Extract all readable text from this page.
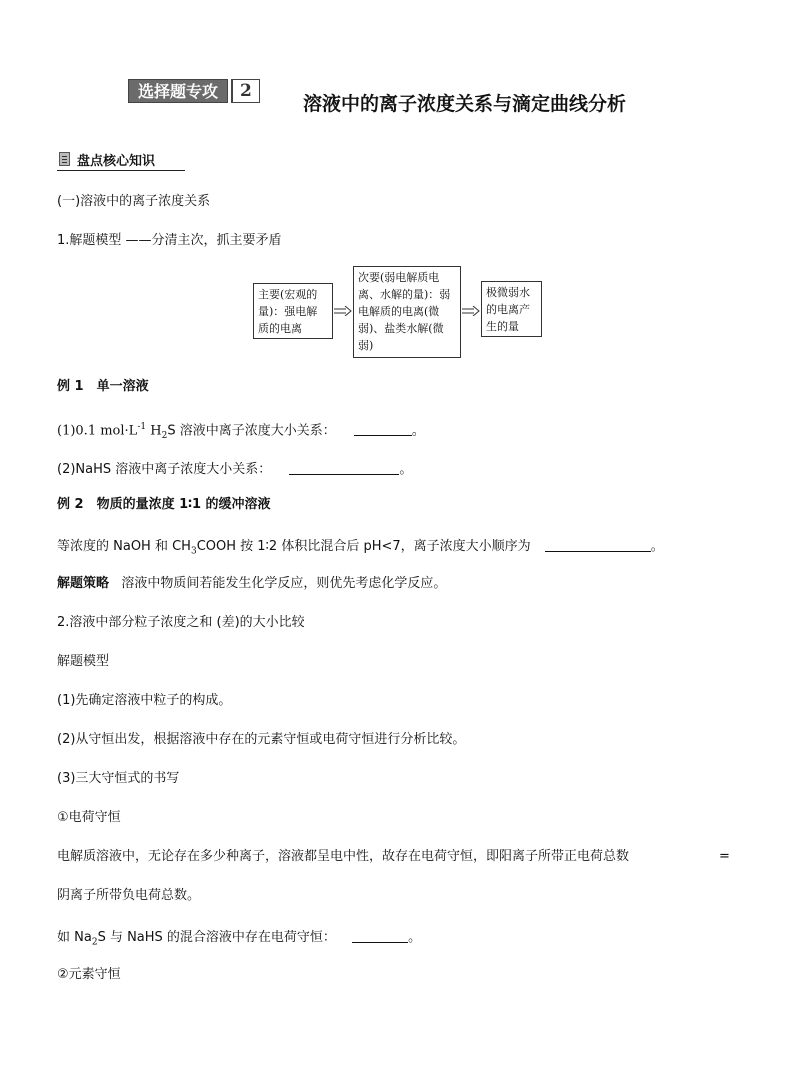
选择题专攻	2
溶液中的离子浓度关系与滴定曲线分析
盘点核心知识
(一)溶液中的离子浓度关系
1.解题模型 ——分清主次，抓主要矛盾
主要(宏观的量)：强电解质的电离
次要(弱电解质电离、水解的量)：弱电解质的电离(微弱)、盐类水解(微弱)
极微弱水的电离产生的量
例 1　单一溶液
(1)0.1 $mol\cdot L^{-1}$ $H_2S$ 溶液中离子浓度大小关系：	。
(2)NaHS 溶液中离子浓度大小关系：	。
例 2　物质的量浓度 1∶1 的缓冲溶液
等浓度的 NaOH 和 $CH_3COOH$ 按 1∶2 体积比混合后 pH<7，离子浓度大小顺序为	。
解题策略 溶液中物质间若能发生化学反应，则优先考虑化学反应。
2.溶液中部分粒子浓度之和 (差)的大小比较
解题模型
(1)先确定溶液中粒子的构成。
(2)从守恒出发，根据溶液中存在的元素守恒或电荷守恒进行分析比较。
(3)三大守恒式的书写
①电荷守恒
电解质溶液中，无论存在多少种离子，溶液都呈电中性，故存在电荷守恒，即阳离子所带正电荷总数	=
阴离子所带负电荷总数。
如 $Na_2S$ 与 NaHS 的混合溶液中存在电荷守恒：	。
②元素守恒
